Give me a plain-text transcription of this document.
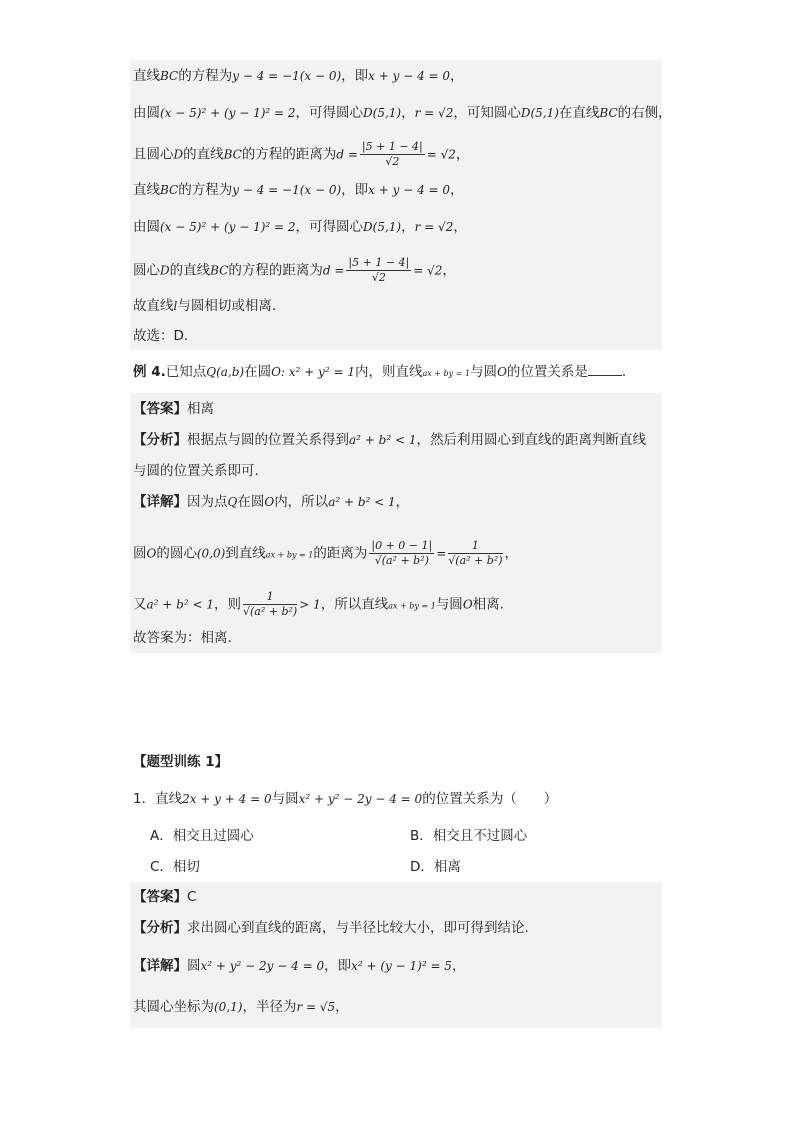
直线BC的方程为y − 4 = −1(x − 0)，即x + y − 4 = 0，
由圆(x − 5)² + (y − 1)² = 2，可得圆心D(5,1)，r = √2，可知圆心D(5,1)在直线BC的右侧，
且圆心D的直线BC的方程的距离为$d = \frac{|5 + 1 - 4|}{√2} = √2$，
直线BC的方程为y − 4 = −1(x − 0)，即x + y − 4 = 0，
由圆(x − 5)² + (y − 1)² = 2，可得圆心D(5,1)，r = √2，
圆心D的直线BC的方程的距离为$d = \frac{|5 + 1 - 4|}{√2} = √2$，
故直线l与圆相切或相离．
故选：D．
例 4.已知点Q(a,b)在圆O: x² + y² = 1内，则直线ax + by = 1与圆O的位置关系是	.
【答案】相离
【分析】根据点与圆的位置关系得到a² + b² < 1，然后利用圆心到直线的距离判断直线
与圆的位置关系即可.
【详解】因为点Q在圆O内，所以a² + b² < 1，
圆O的圆心(0,0)到直线ax + by = 1的距离为 $\frac{|0 + 0 - 1|}{\text{√(a² + b²)}} = \frac{1}{\text{√(a² + b²)}}$ ，
又a² + b² < 1，则 $\frac{1}{\text{√(a² + b²)}} > 1$，所以直线ax + by = 1与圆O相离.
故答案为：相离.
【题型训练 1】
1．直线2x + y + 4 = 0与圆x² + y² − 2y − 4 = 0的位置关系为（　　）
A．相交且过圆心	B．相交且不过圆心
C．相切	D．相离
【答案】C
【分析】求出圆心到直线的距离，与半径比较大小，即可得到结论.
【详解】圆x² + y² − 2y − 4 = 0，即x² + (y − 1)² = 5，
其圆心坐标为(0,1)，半径为r = √5，
